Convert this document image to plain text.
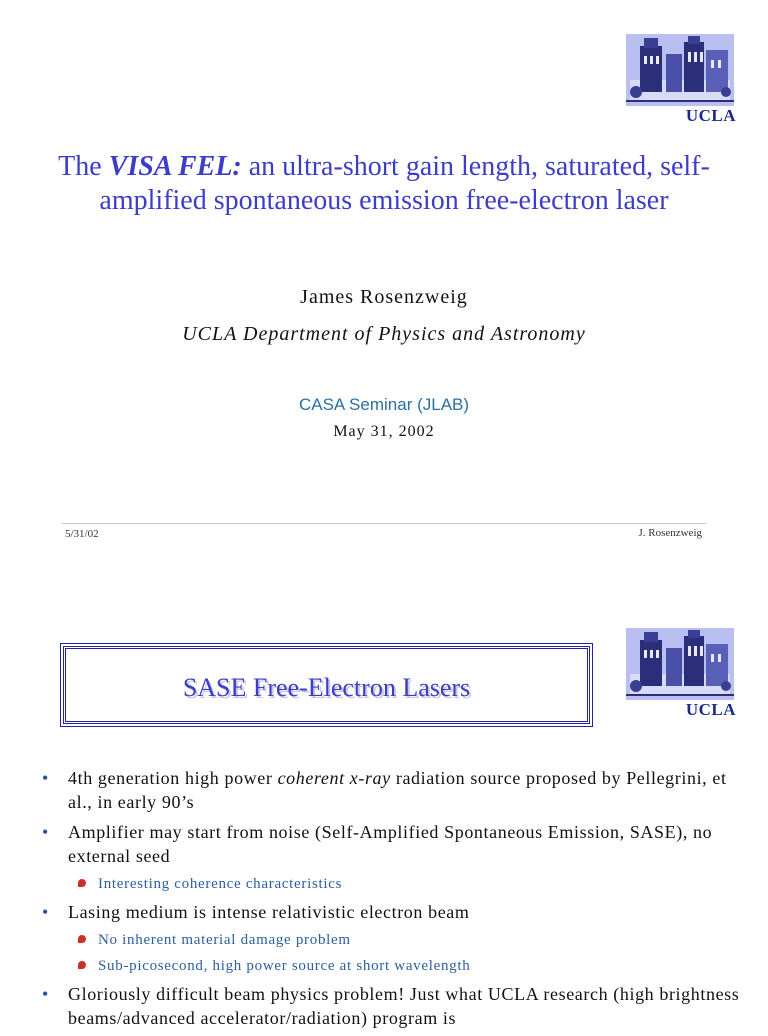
UCLA
The VISA FEL: an ultra-short gain length, saturated, self-amplified spontaneous emission free-electron laser
James Rosenzweig
UCLA Department of Physics and Astronomy
CASA Seminar (JLAB)
May 31, 2002
5/31/02	J. Rosenzweig
UCLA
SASE Free-Electron Lasers
• 4th generation high power coherent x-ray radiation source proposed by Pellegrini, et al., in early 90’s
• Amplifier may start from noise (Self-Amplified Spontaneous Emission, SASE), no external seed
Interesting coherence characteristics
• Lasing medium is intense relativistic electron beam
No inherent material damage problem
Sub-picosecond, high power source at short wavelength
• Gloriously difficult beam physics problem! Just what UCLA research (high brightness beams/advanced accelerator/radiation) program is
